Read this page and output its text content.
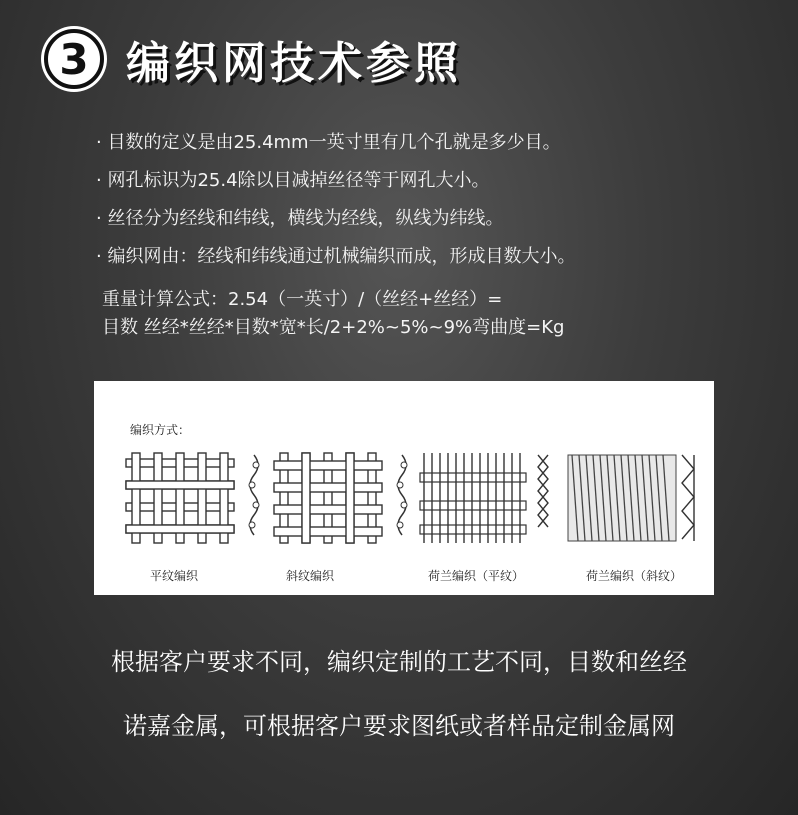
3 编织网技术参照
· 目数的定义是由25.4mm一英寸里有几个孔就是多少目。
· 网孔标识为25.4除以目减掉丝径等于网孔大小。
· 丝径分为经线和纬线，横线为经线，纵线为纬线。
· 编织网由：经线和纬线通过机械编织而成，形成目数大小。
重量计算公式：2.54（一英寸）/（丝经+丝经）=
目数 丝经*丝经*目数*宽*长/2+2%~5%~9%弯曲度=Kg
编织方式：
平纹编织	斜纹编织	荷兰编织（平纹）	荷兰编织（斜纹）
根据客户要求不同，编织定制的工艺不同，目数和丝经
诺嘉金属，可根据客户要求图纸或者样品定制金属网
